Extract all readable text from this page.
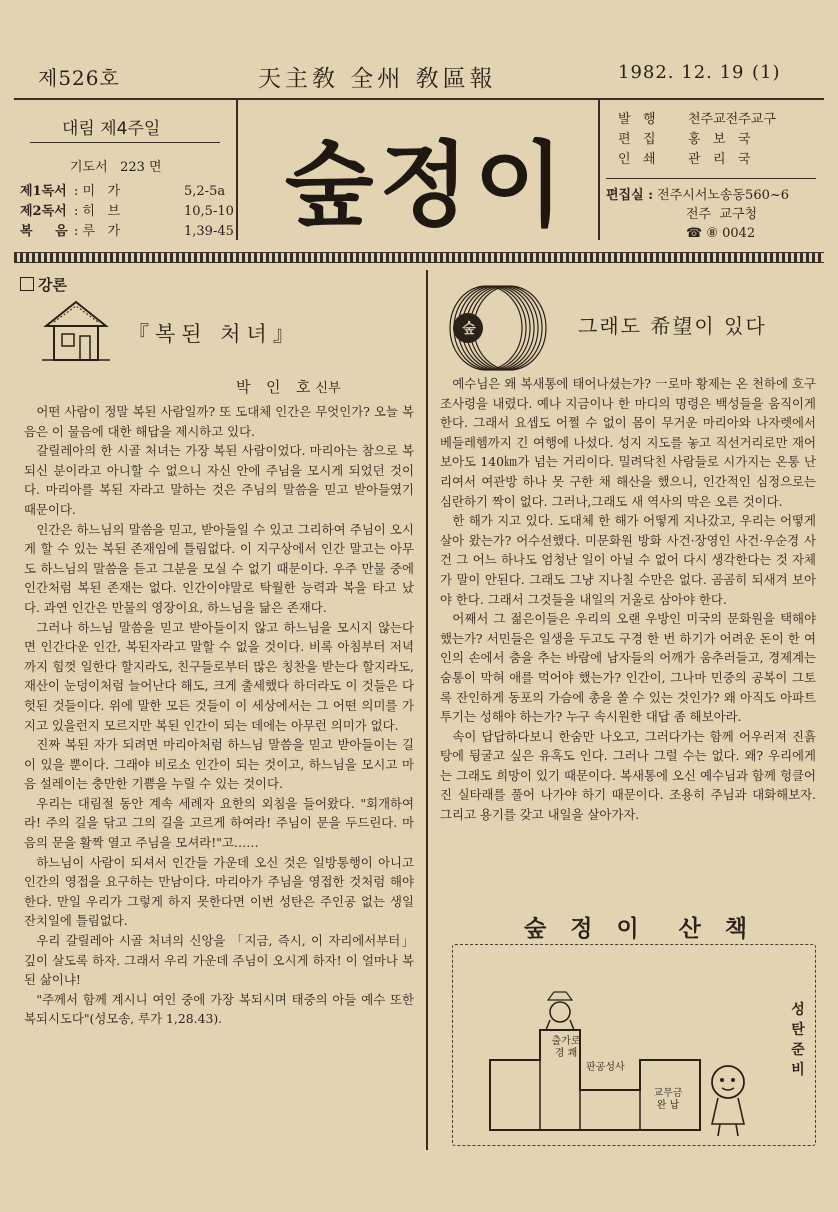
제526호	天主敎 全州 敎區報	1982. 12. 19 (1)
대림 제4주일
기도서   223 면
제1독서 : 미   가	5,2-5a
제2독서 : 히   브	10,5-10
복     음 : 루   가	1,39-45 숲정이
발   행 천주교전주교구
편   집 홍   보   국
인   쇄 관   리   국
편집실 : 전주시서노송동560~6
전주  교구청
☎ ⑧ 0042
강론
『복된 처녀』
박  인  호 신부

어떤 사람이 정말 복된 사람일까? 또 도대체 인간은 무엇인가? 오늘 복음은 이 물음에 대한 해답을 제시하고 있다.

갈릴레아의 한 시골 처녀는 가장 복된 사람이었다. 마리아는 참으로 복되신 분이라고 아니할 수 없으니 자신 안에 주님을 모시게 되었던 것이다. 마리아를 복된 자라고 말하는 것은 주님의 말씀을 믿고 받아들였기 때문이다.

인간은 하느님의 말씀을 믿고, 받아들일 수 있고 그리하여 주님이 오시게 할 수 있는 복된 존재임에 틀림없다. 이 지구상에서 인간 말고는 아무도 하느님의 말씀을 듣고 그분을 모실 수 없기 때문이다. 우주 만물 중에 인간처럼 복된 존재는 없다. 인간이야말로 탁월한 능력과 복을 타고 났다. 과연 인간은 만물의 영장이요, 하느님을 닮은 존재다.

그러나 하느님 말씀을 믿고 받아들이지 않고 하느님을 모시지 않는다면 인간다운 인간, 복된자라고 말할 수 없을 것이다. 비록 아침부터 저녁까지 힘껏 일한다 할지라도, 친구들로부터 많은 칭찬을 받는다 할지라도, 재산이 눈덩이처럼 늘어난다 해도, 크게 출세했다 하더라도 이 것들은 다 헛된 것들이다. 위에 말한 모든 것들이 이 세상에서는 그 어떤 의미를 가지고 있을런지 모르지만 복된 인간이 되는 데에는 아무런 의미가 없다.

진짜 복된 자가 되려면 마리아처럼 하느님 말씀을 믿고 받아들이는 길이 있을 뿐이다. 그래야 비로소 인간이 되는 것이고, 하느님을 모시고 마음 설레이는 충만한 기쁨을 누릴 수 있는 것이다.

우리는 대림절 동안 계속 세례자 요한의 외침을 들어왔다. "회개하여라! 주의 길을 닦고 그의 길을 고르게 하여라! 주님이 문을 두드린다. 마음의 문을 활짝 열고 주님을 모셔라!"고……

하느님이 사람이 되셔서 인간들 가운데 오신 것은 일방통행이 아니고 인간의 영접을 요구하는 만남이다. 마리아가 주님을 영접한 것처럼 해야 한다. 만일 우리가 그렇게 하지 못한다면 이번 성탄은 주인공 없는 생일잔치일에 틀림없다.

우리 갈릴레아 시골 처녀의 신앙을 「지금, 즉시, 이 자리에서부터」 깊이 살도록 하자. 그래서 우리 가운데 주님이 오시게 하자! 이 얼마나 복된 삶이냐!

"주께서 함께 계시니 여인 중에 가장 복되시며 태중의 아들 예수 또한 복되시도다"(성모송, 루가 1,28.43).

숲	그래도 希望이 있다

예수님은 왜 복새통에 태어나셨는가? 一로마 황제는 온 천하에 호구 조사령을 내렸다. 예나 지금이나 한 마디의 명령은 백성들을 움직이게 한다. 그래서 요셉도 어쩔 수 없이 몸이 무거운 마리아와 나자렛에서 베들레헴까지 긴 여행에 나섰다. 성지 지도를 놓고 직선거리로만 재어 보아도 140㎞가 넘는 거리이다. 밀려닥친 사람들로 시가지는 온통 난리여서 여관방 하나 못 구한 채 해산을 했으니, 인간적인 심정으로는 심란하기 짝이 없다. 그러나,그래도 새 역사의 막은 오른 것이다.

한 해가 지고 있다. 도대체 한 해가 어떻게 지나갔고, 우리는 어떻게 살아 왔는가? 어수선했다. 미문화원 방화 사건·장영인 사건·우순경 사건 그 어느 하나도 엄청난 일이 아닐 수 없어 다시 생각한다는 것 자체가 말이 안된다. 그래도 그냥 지나칠 수만은 없다. 곰곰히 되새겨 보아야 한다. 그래서 그것들을 내일의 거울로 삼아야 한다.

어째서 그 젊은이들은 우리의 오랜 우방인 미국의 문화원을 택해야 했는가? 서민들은 일생을 두고도 구경 한 번 하기가 어려운 돈이 한 여인의 손에서 춤을 추는 바람에 남자들의 어깨가 움추러들고, 경제계는 숨통이 막혀 애를 먹어야 했는가? 인간이, 그나마 민중의 공복이 그토록 잔인하게 동포의 가슴에 총을 쏠 수 있는 것인가? 왜 아직도 아파트 투기는 성해야 하는가? 누구 속시원한 대답 좀 해보아라.

속이 답답하다보니 한숨만 나오고, 그러다가는 함께 어우러져 진흙탕에 뒹굴고 싶은 유혹도 인다. 그러나 그럴 수는 없다. 왜? 우리에게는 그래도 희망이 있기 때문이다. 복새통에 오신 예수님과 함께 헝클어진 실타래를 풀어 나가야 하기 때문이다. 조용히 주님과 대화해보자. 그리고 용기를 갖고 내일을 살아가자.

숲 정 이  산 책
출가로
경 쾌
판공성사
교무금
완 납
성탄준비
